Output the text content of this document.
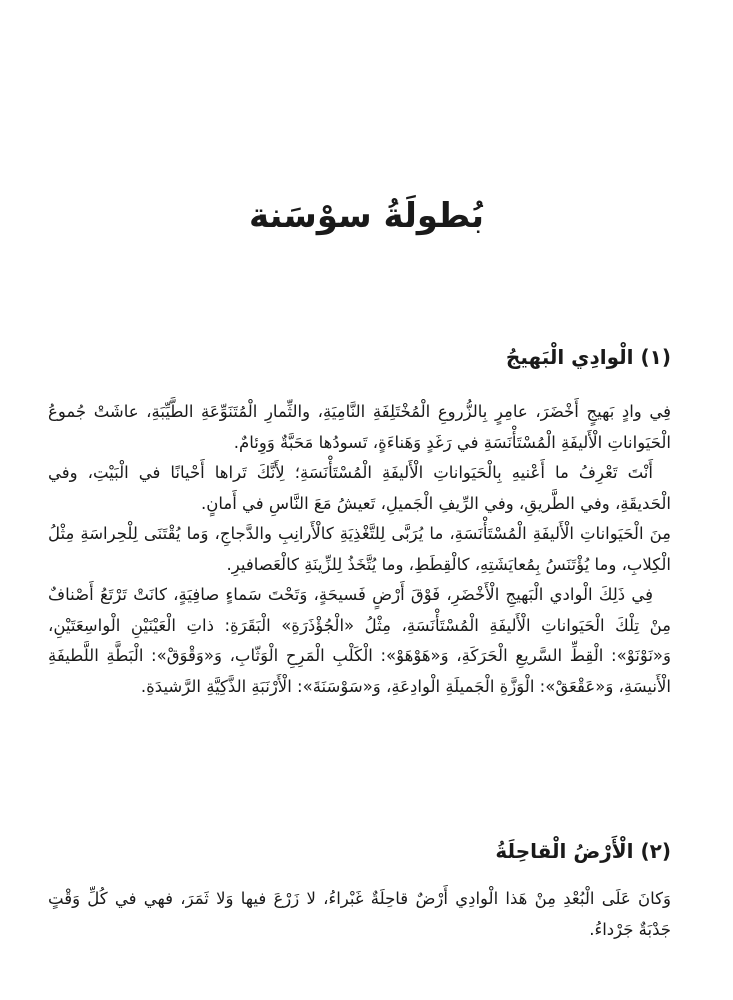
بُطولَةُ سوْسَنة
(١) الْوادِي الْبَهيجُ

فِي وادٍ بَهيجٍ أَخْضَرَ، عامِرٍ بِالزُّروعِ الْمُخْتَلِفَةِ النَّامِيَةِ، والثِّمارِ الْمُتَنَوِّعَةِ الطَّيِّبَةِ، عاشَتْ جُموعُ الْحَيَواناتِ الْأَليفَةِ الْمُسْتَأْنَسَةِ في رَغَدٍ وَهَناءَةٍ، تَسودُها مَحَبَّةٌ وَوِئامٌ.

أَنْتَ تَعْرِفُ ما أَعْنيهِ بِالْحَيَواناتِ الْأَليفَةِ الْمُسْتَأْنَسَةِ؛ لِأَنَّكَ تَراها أَحْيانًا في الْبَيْتِ، وفي الْحَديقَةِ، وفي الطَّريقِ، وفي الرِّيفِ الْجَميلِ، تَعيشُ مَعَ النَّاسِ في أَمانٍ.

مِنَ الْحَيَواناتِ الْأَليفَةِ الْمُسْتَأْنَسَةِ، ما يُرَبَّى لِلتَّغْذِيَةِ كالْأَرانِبِ والدَّجاجِ، وَما يُقْتَنَى لِلْحِراسَةِ مِثْلُ الْكِلابِ، وما يُؤْتَنَسُ بِمُعايَشَتِهِ، كالْقِطَطِ، وما يُتَّخَذُ لِلزِّينَةِ كالْعَصافيرِ.

فِي ذَلِكَ الْوادي الْبَهيجِ الْأَخْضَرِ، فَوْقَ أَرْضٍ فَسيحَةٍ، وَتَحْتَ سَماءٍ صافِيَةٍ، كانَتْ تَرْتَعُ أَصْنافٌ مِنْ تِلْكَ الْحَيَواناتِ الْأَليفَةِ الْمُسْتَأْنَسَةِ، مِثْلُ «الْجُؤْذَرَةِ» الْبَقَرَةِ: ذاتِ الْعَيْنَيْنِ الْواسِعَتَيْنِ، وَ«نَوْنَوْ»: الْقِطِّ السَّريعِ الْحَرَكَةِ، وَ«هَوْهَوْ»: الْكَلْبِ الْمَرِحِ الْوَثّابِ، وَ«وَقْوَقْ»: الْبَطَّةِ اللَّطيفَةِ الْأَنيسَةِ، وَ«عَقْعَقْ»: الْوَزَّةِ الْجَميلَةِ الْوادِعَةِ، وَ«سَوْسَنَةَ»: الْأَرْنَبَةِ الذَّكِيَّةِ الرَّشيدَةِ.

(٢) الْأَرْضُ الْقاحِلَةُ

وَكانَ عَلَى الْبُعْدِ مِنْ هَذا الْوادِي أَرْضٌ قاحِلَةٌ غَبْراءُ، لا زَرْعَ فيها وَلا ثَمَرَ، فهي في كُلِّ وَقْتٍ جَدْبَةٌ جَرْداءُ.
